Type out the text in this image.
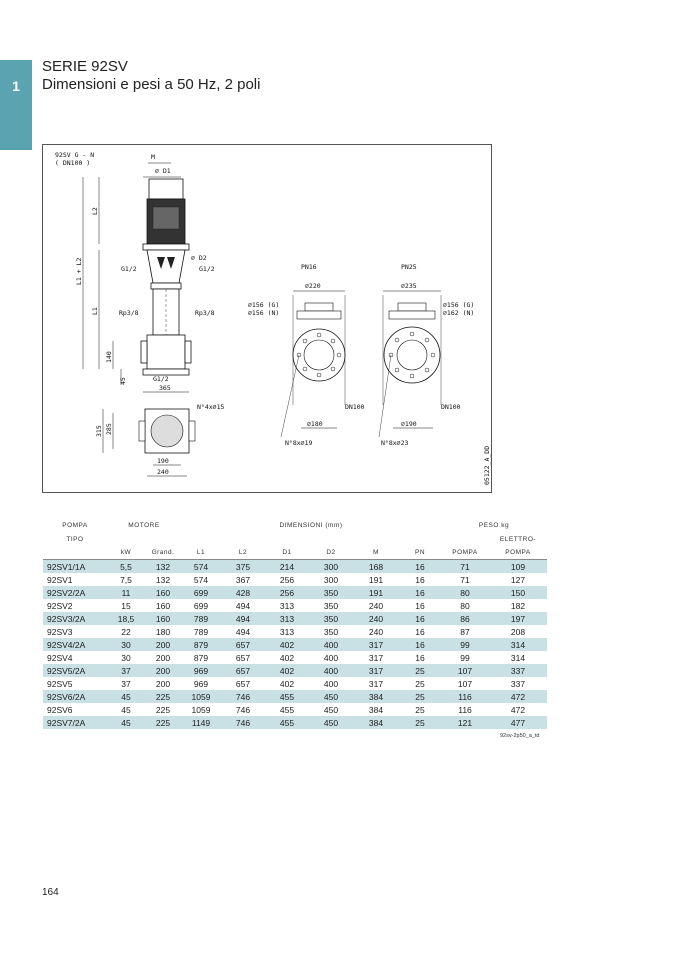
1
SERIE 92SV
Dimensioni e pesi a 50 Hz, 2 poli
92SV G - N
( DN100 )
M
⌀ D1
G1/2	G1/2
⌀ D2
Rp3/8	Rp3/8
G1/2
L2
L1 + L2
L1
140
45
365
N°4x⌀15
315 285
190
240
PN16
⌀220
⌀156 (G)
⌀156 (N)
DN100
⌀180
N°8x⌀19
PN25
⌀235
⌀156 (G)
⌀162 (N)
DN100
⌀190
N°8x⌀23
05122_A_DD
POMPA	MOTORE		DIMENSIONI (mm)						PESO kg	
TIPO										ELETTRO-
	kW	Grand.	L1	L2	D1	D2	M	PN	POMPA	POMPA
92SV1/1A	5,5	132	574	375	214	300	168	16	71	109
92SV1	7,5	132	574	367	256	300	191	16	71	127
92SV2/2A	11	160	699	428	256	350	191	16	80	150
92SV2	15	160	699	494	313	350	240	16	80	182
92SV3/2A	18,5	160	789	494	313	350	240	16	86	197
92SV3	22	180	789	494	313	350	240	16	87	208
92SV4/2A	30	200	879	657	402	400	317	16	99	314
92SV4	30	200	879	657	402	400	317	16	99	314
92SV5/2A	37	200	969	657	402	400	317	25	107	337
92SV5	37	200	969	657	402	400	317	25	107	337
92SV6/2A	45	225	1059	746	455	450	384	25	116	472
92SV6	45	225	1059	746	455	450	384	25	116	472
92SV7/2A	45	225	1149	746	455	450	384	25	121	477
92sv-2p50_a_td
164
